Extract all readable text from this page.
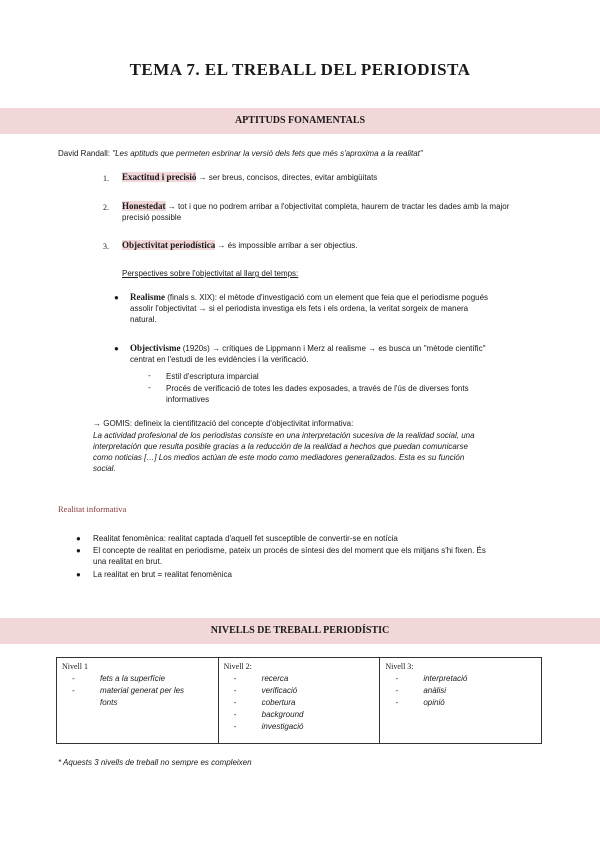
TEMA 7. EL TREBALL DEL PERIODISTA
APTITUDS FONAMENTALS
David Randall: "Les aptituds que permeten esbrinar la versió dels fets que més s'aproxima a la realitat"
1. Exactitud i precisió → ser breus, concisos, directes, evitar ambigüitats
2. Honestedat → tot i que no podrem arribar a l'objectivitat completa, haurem de tractar les dades amb la major
precisió possible
3. Objectivitat periodística → és impossible arribar a ser objectius.
Perspectives sobre l'objectivitat al llarg del temps:
● Realisme (finals s. XIX): el mètode d'investigació com un element que feia que el periodisme pogués
assolir l'objectivitat → si el periodista investiga els fets i els ordena, la veritat sorgeix de manera
natural.
● Objectivisme (1920s) → crítiques de Lippmann i Merz al realisme → es busca un "mètode científic"
centrat en l'estudi de les evidències i la verificació.
- Estil d'escriptura imparcial
- Procés de verificació de totes les dades exposades, a través de l'ús de diverses fonts
informatives
→ GOMIS: defineix la cientifització del concepte d'objectivitat informativa:
La actividad profesional de los periodistas consiste en una interpretación sucesiva de la realidad social, una
interpretación que resulta posible gracias a la reducción de la realidad a hechos que puedan comunicarse
como noticias […] Los medios actúan de este modo como mediadores generalizados. Esta es su función
social.
Realitat informativa
● Realitat fenomènica: realitat captada d'aquell fet susceptible de convertir-se en notícia
● El concepte de realitat en periodisme, pateix un procés de síntesi des del moment que els mitjans s'hi fixen. És
una realitat en brut.
● La realitat en brut = realitat fenomènica
NIVELLS DE TREBALL PERIODÍSTIC
Nivell 1
-	fets a la superfície
-	material generat per les
fonts

Nivell 2:
-	recerca
-	verificació
-	cobertura
-	background
-	investigació

Nivell 3:
-	interpretació
-	anàlisi
-	opinió
* Aquests 3 nivells de treball no sempre es compleixen
